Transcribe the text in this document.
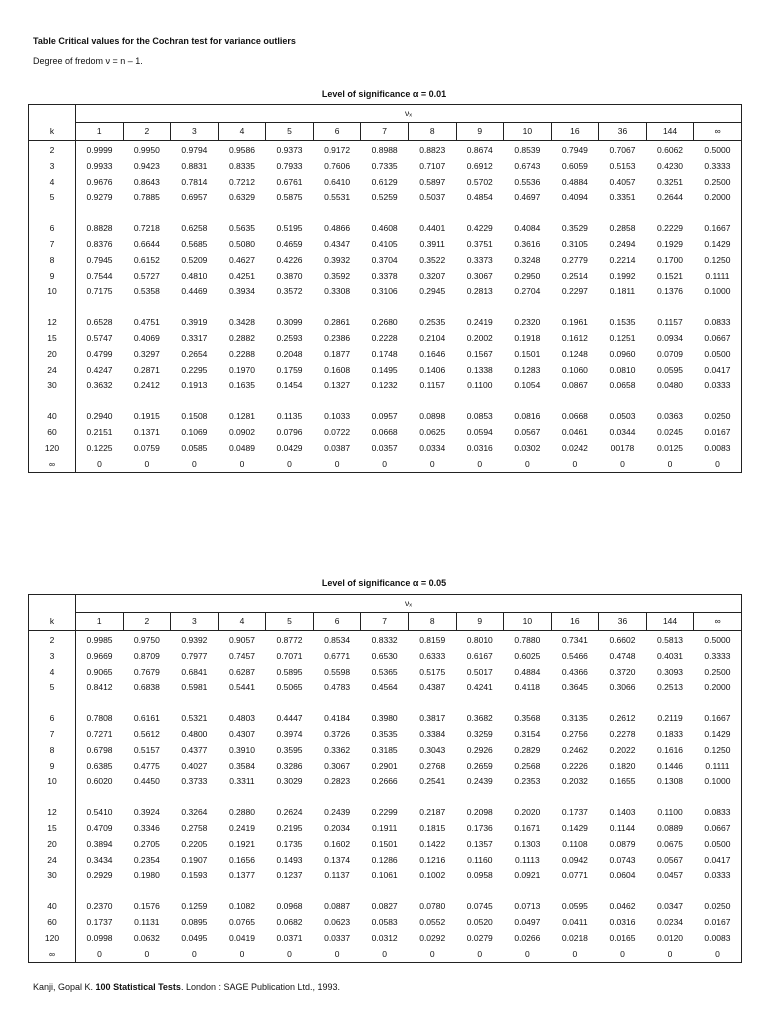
Table Critical values for the Cochran test for variance outliers
Degree of fredom ν = n – 1.
Level of significance α = 0.01
	νₓ													
k	1	2	3	4	5	6	7	8	9	10	16	36	144	∞
2	0.9999	0.9950	0.9794	0.9586	0.9373	0.9172	0.8988	0.8823	0.8674	0.8539	0.7949	0.7067	0.6062	0.5000
3	0.9933	0.9423	0.8831	0.8335	0.7933	0.7606	0.7335	0.7107	0.6912	0.6743	0.6059	0.5153	0.4230	0.3333
4	0.9676	0.8643	0.7814	0.7212	0.6761	0.6410	0.6129	0.5897	0.5702	0.5536	0.4884	0.4057	0.3251	0.2500
5	0.9279	0.7885	0.6957	0.6329	0.5875	0.5531	0.5259	0.5037	0.4854	0.4697	0.4094	0.3351	0.2644	0.2000

6	0.8828	0.7218	0.6258	0.5635	0.5195	0.4866	0.4608	0.4401	0.4229	0.4084	0.3529	0.2858	0.2229	0.1667
7	0.8376	0.6644	0.5685	0.5080	0.4659	0.4347	0.4105	0.3911	0.3751	0.3616	0.3105	0.2494	0.1929	0.1429
8	0.7945	0.6152	0.5209	0.4627	0.4226	0.3932	0.3704	0.3522	0.3373	0.3248	0.2779	0.2214	0.1700	0.1250
9	0.7544	0.5727	0.4810	0.4251	0.3870	0.3592	0.3378	0.3207	0.3067	0.2950	0.2514	0.1992	0.1521	0.1111
10	0.7175	0.5358	0.4469	0.3934	0.3572	0.3308	0.3106	0.2945	0.2813	0.2704	0.2297	0.1811	0.1376	0.1000

12	0.6528	0.4751	0.3919	0.3428	0.3099	0.2861	0.2680	0.2535	0.2419	0.2320	0.1961	0.1535	0.1157	0.0833
15	0.5747	0.4069	0.3317	0.2882	0.2593	0.2386	0.2228	0.2104	0.2002	0.1918	0.1612	0.1251	0.0934	0.0667
20	0.4799	0.3297	0.2654	0.2288	0.2048	0.1877	0.1748	0.1646	0.1567	0.1501	0.1248	0.0960	0.0709	0.0500
24	0.4247	0.2871	0.2295	0.1970	0.1759	0.1608	0.1495	0.1406	0.1338	0.1283	0.1060	0.0810	0.0595	0.0417
30	0.3632	0.2412	0.1913	0.1635	0.1454	0.1327	0.1232	0.1157	0.1100	0.1054	0.0867	0.0658	0.0480	0.0333

40	0.2940	0.1915	0.1508	0.1281	0.1135	0.1033	0.0957	0.0898	0.0853	0.0816	0.0668	0.0503	0.0363	0.0250
60	0.2151	0.1371	0.1069	0.0902	0.0796	0.0722	0.0668	0.0625	0.0594	0.0567	0.0461	0.0344	0.0245	0.0167
120	0.1225	0.0759	0.0585	0.0489	0.0429	0.0387	0.0357	0.0334	0.0316	0.0302	0.0242	00178	0.0125	0.0083
∞	0	0	0	0	0	0	0	0	0	0	0	0	0	0
Level of significance α = 0.05
	νₓ													
k	1	2	3	4	5	6	7	8	9	10	16	36	144	∞
2	0.9985	0.9750	0.9392	0.9057	0.8772	0.8534	0.8332	0.8159	0.8010	0.7880	0.7341	0.6602	0.5813	0.5000
3	0.9669	0.8709	0.7977	0.7457	0.7071	0.6771	0.6530	0.6333	0.6167	0.6025	0.5466	0.4748	0.4031	0.3333
4	0.9065	0.7679	0.6841	0.6287	0.5895	0.5598	0.5365	0.5175	0.5017	0.4884	0.4366	0.3720	0.3093	0.2500
5	0.8412	0.6838	0.5981	0.5441	0.5065	0.4783	0.4564	0.4387	0.4241	0.4118	0.3645	0.3066	0.2513	0.2000

6	0.7808	0.6161	0.5321	0.4803	0.4447	0.4184	0.3980	0.3817	0.3682	0.3568	0.3135	0.2612	0.2119	0.1667
7	0.7271	0.5612	0.4800	0.4307	0.3974	0.3726	0.3535	0.3384	0.3259	0.3154	0.2756	0.2278	0.1833	0.1429
8	0.6798	0.5157	0.4377	0.3910	0.3595	0.3362	0.3185	0.3043	0.2926	0.2829	0.2462	0.2022	0.1616	0.1250
9	0.6385	0.4775	0.4027	0.3584	0.3286	0.3067	0.2901	0.2768	0.2659	0.2568	0.2226	0.1820	0.1446	0.1111
10	0.6020	0.4450	0.3733	0.3311	0.3029	0.2823	0.2666	0.2541	0.2439	0.2353	0.2032	0.1655	0.1308	0.1000

12	0.5410	0.3924	0.3264	0.2880	0.2624	0.2439	0.2299	0.2187	0.2098	0.2020	0.1737	0.1403	0.1100	0.0833
15	0.4709	0.3346	0.2758	0.2419	0.2195	0.2034	0.1911	0.1815	0.1736	0.1671	0.1429	0.1144	0.0889	0.0667
20	0.3894	0.2705	0.2205	0.1921	0.1735	0.1602	0.1501	0.1422	0.1357	0.1303	0.1108	0.0879	0.0675	0.0500
24	0.3434	0.2354	0.1907	0.1656	0.1493	0.1374	0.1286	0.1216	0.1160	0.1113	0.0942	0.0743	0.0567	0.0417
30	0.2929	0.1980	0.1593	0.1377	0.1237	0.1137	0.1061	0.1002	0.0958	0.0921	0.0771	0.0604	0.0457	0.0333

40	0.2370	0.1576	0.1259	0.1082	0.0968	0.0887	0.0827	0.0780	0.0745	0.0713	0.0595	0.0462	0.0347	0.0250
60	0.1737	0.1131	0.0895	0.0765	0.0682	0.0623	0.0583	0.0552	0.0520	0.0497	0.0411	0.0316	0.0234	0.0167
120	0.0998	0.0632	0.0495	0.0419	0.0371	0.0337	0.0312	0.0292	0.0279	0.0266	0.0218	0.0165	0.0120	0.0083
∞	0	0	0	0	0	0	0	0	0	0	0	0	0	0
Kanji, Gopal K. 100 Statistical Tests. London : SAGE Publication Ltd., 1993.
